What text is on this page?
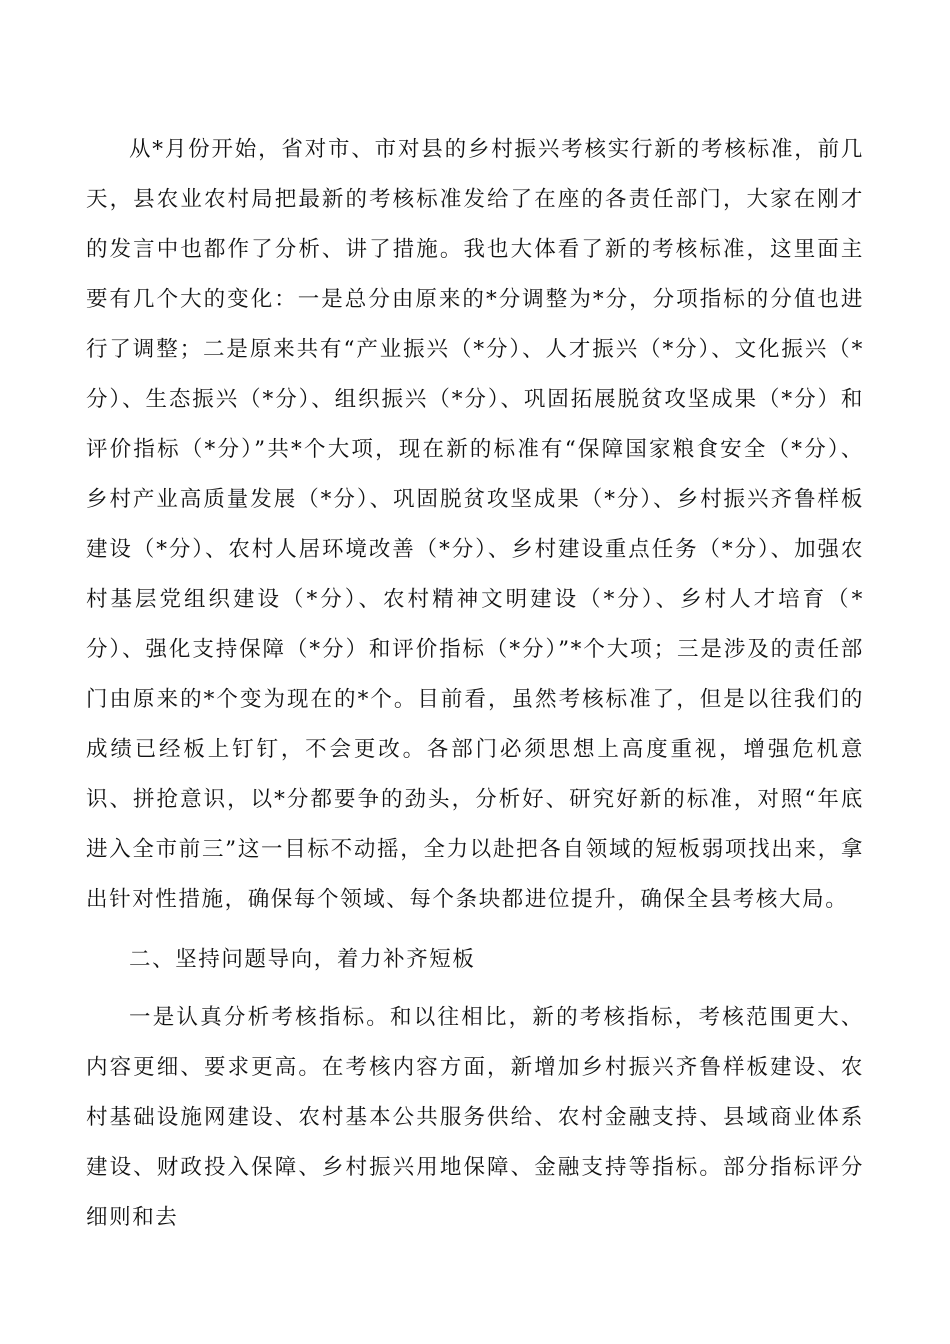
从*月份开始，省对市、市对县的乡村振兴考核实行新的考核标准，前几天，县农业农村局把最新的考核标准发给了在座的各责任部门，大家在刚才的发言中也都作了分析、讲了措施。我也大体看了新的考核标准，这里面主要有几个大的变化：一是总分由原来的*分调整为*分，分项指标的分值也进行了调整；二是原来共有“产业振兴（*分）、人才振兴（*分）、文化振兴（*分）、生态振兴（*分）、组织振兴（*分）、巩固拓展脱贫攻坚成果（*分）和评价指标（*分）”共*个大项，现在新的标准有“保障国家粮食安全（*分）、乡村产业高质量发展（*分）、巩固脱贫攻坚成果（*分）、乡村振兴齐鲁样板建设（*分）、农村人居环境改善（*分）、乡村建设重点任务（*分）、加强农村基层党组织建设（*分）、农村精神文明建设（*分）、乡村人才培育（*分）、强化支持保障（*分）和评价指标（*分）”*个大项；三是涉及的责任部门由原来的*个变为现在的*个。目前看，虽然考核标准了，但是以往我们的成绩已经板上钉钉，不会更改。各部门必须思想上高度重视，增强危机意识、拼抢意识，以*分都要争的劲头，分析好、研究好新的标准，对照“年底进入全市前三”这一目标不动摇，全力以赴把各自领域的短板弱项找出来，拿出针对性措施，确保每个领域、每个条块都进位提升，确保全县考核大局。

二、坚持问题导向，着力补齐短板

一是认真分析考核指标。和以往相比，新的考核指标，考核范围更大、内容更细、要求更高。在考核内容方面，新增加乡村振兴齐鲁样板建设、农村基础设施网建设、农村基本公共服务供给、农村金融支持、县域商业体系建设、财政投入保障、乡村振兴用地保障、金融支持等指标。部分指标评分细则和去
